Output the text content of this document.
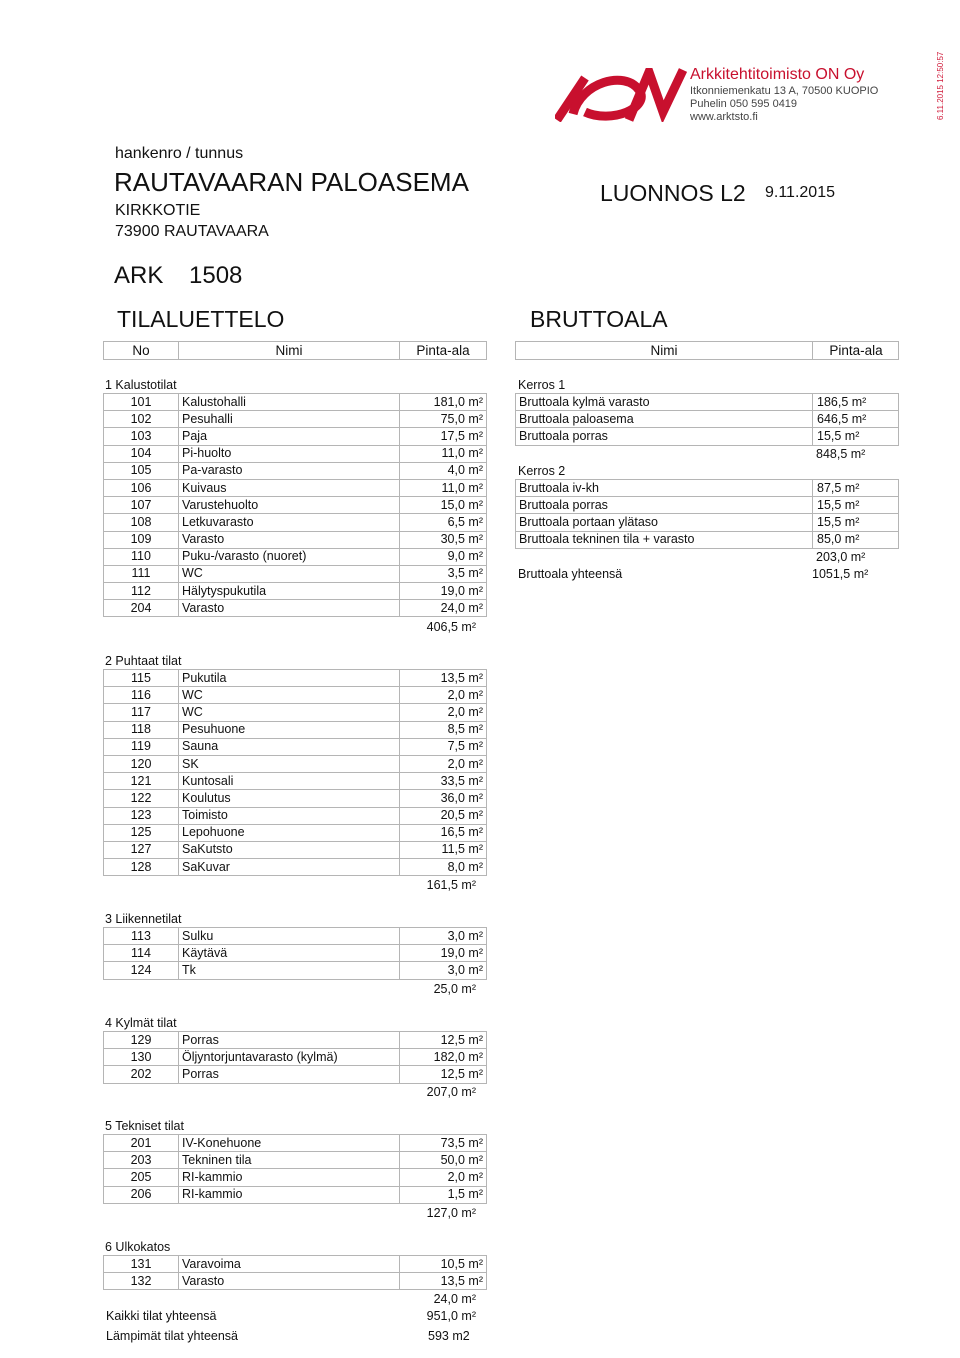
6.11.2015 12:50:57
Arkkitehtitoimisto ON Oy
Itkonniemenkatu 13 A, 70500 KUOPIO
Puhelin 050 595 0419
www.arktsto.fi
hankenro / tunnus
RAUTAVAARAN PALOASEMA
KIRKKOTIE
73900 RAUTAVAARA
LUONNOS L2 9.11.2015
ARK 1508
TILALUETTELO	BRUTTOALA
No	Nimi	Pinta-ala	Nimi	Pinta-ala
1 Kalustotilat
101	Kalustohalli	181,0 m²
102	Pesuhalli	75,0 m²
103	Paja	17,5 m²
104	Pi-huolto	11,0 m²
105	Pa-varasto	4,0 m²
106	Kuivaus	11,0 m²
107	Varustehuolto	15,0 m²
108	Letkuvarasto	6,5 m²
109	Varasto	30,5 m²
110	Puku-/varasto (nuoret)	9,0 m²
111	WC	3,5 m²
112	Hälytyspukutila	19,0 m²
204	Varasto	24,0 m²
406,5 m²
2 Puhtaat tilat
115	Pukutila	13,5 m²
116	WC	2,0 m²
117	WC	2,0 m²
118	Pesuhuone	8,5 m²
119	Sauna	7,5 m²
120	SK	2,0 m²
121	Kuntosali	33,5 m²
122	Koulutus	36,0 m²
123	Toimisto	20,5 m²
125	Lepohuone	16,5 m²
127	SaKutsto	11,5 m²
128	SaKuvar	8,0 m²
161,5 m²
3 Liikennetilat
113	Sulku	3,0 m²
114	Käytävä	19,0 m²
124	Tk	3,0 m²
25,0 m²
4 Kylmät tilat
129	Porras	12,5 m²
130	Öljyntorjuntavarasto (kylmä)	182,0 m²
202	Porras	12,5 m²
207,0 m²
5 Tekniset tilat
201	IV-Konehuone	73,5 m²
203	Tekninen tila	50,0 m²
205	RI-kammio	2,0 m²
206	RI-kammio	1,5 m²
127,0 m²
6 Ulkokatos
131	Varavoima	10,5 m²
132	Varasto	13,5 m²
24,0 m²
Kaikki tilat yhteensä	951,0 m²
Lämpimät tilat yhteensä	593 m2
Kerros 1
Bruttoala kylmä varasto	186,5 m²
Bruttoala paloasema	646,5 m²
Bruttoala porras	15,5 m²
848,5 m²
Kerros 2
Bruttoala iv-kh	87,5 m²
Bruttoala porras	15,5 m²
Bruttoala portaan ylätaso	15,5 m²
Bruttoala tekninen tila + varasto	85,0 m²
203,0 m²
Bruttoala yhteensä	1051,5 m²
